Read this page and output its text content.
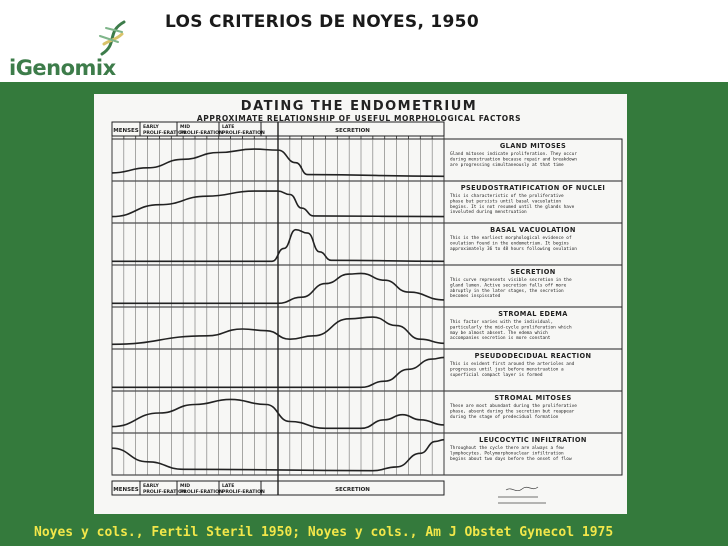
iGenomix
LOS CRITERIOS DE NOYES, 1950
DATING THE ENDOMETRIUM
APPROXIMATE RELATIONSHIP OF USEFUL MORPHOLOGICAL FACTORS
MENSES
EARLY
PROLIF-ERATION
MID
PROLIF-ERATION
LATE
PROLIF-ERATION	SECRETION
MENSES
EARLY
PROLIF-ERATION
MID
PROLIF-ERATION
LATE
PROLIF-ERATION	SECRETION
GLAND MITOSES
Gland mitoses indicate proliferation. They occur
during menstruation because repair and breakdown
are progressing simultaneously at that time
PSEUDOSTRATIFICATION OF NUCLEI
This is characteristic of the proliferative
phase but persists until basal vacuolation
begins. It is not resumed until the glands have
involuted during menstruation
BASAL VACUOLATION
This is the earliest morphological evidence of
ovulation found in the endometrium. It begins
approximately 36 to 48 hours following ovulation
SECRETION
This curve represents visible secretion in the
gland lumen. Active secretion falls off more
abruptly in the later stages, the secretion
becomes inspissated
STROMAL EDEMA
This factor varies with the individual,
particularly the mid-cycle proliferation which
may be almost absent. The edema which
accompanies secretion is more constant
PSEUDODECIDUAL REACTION
This is evident first around the arterioles and
progresses until just before menstruation a
superficial compact layer is formed
STROMAL MITOSES
These are most abundant during the proliferative
phase, absent during the secretion but reappear
during the stage of predecidual formation
LEUCOCYTIC INFILTRATION
Throughout the cycle there are always a few
lymphocytes. Polymorphonuclear infiltration
begins about two days before the onset of flow
Noyes y cols., Fertil Steril 1950; Noyes y cols., Am J Obstet Gynecol 1975
